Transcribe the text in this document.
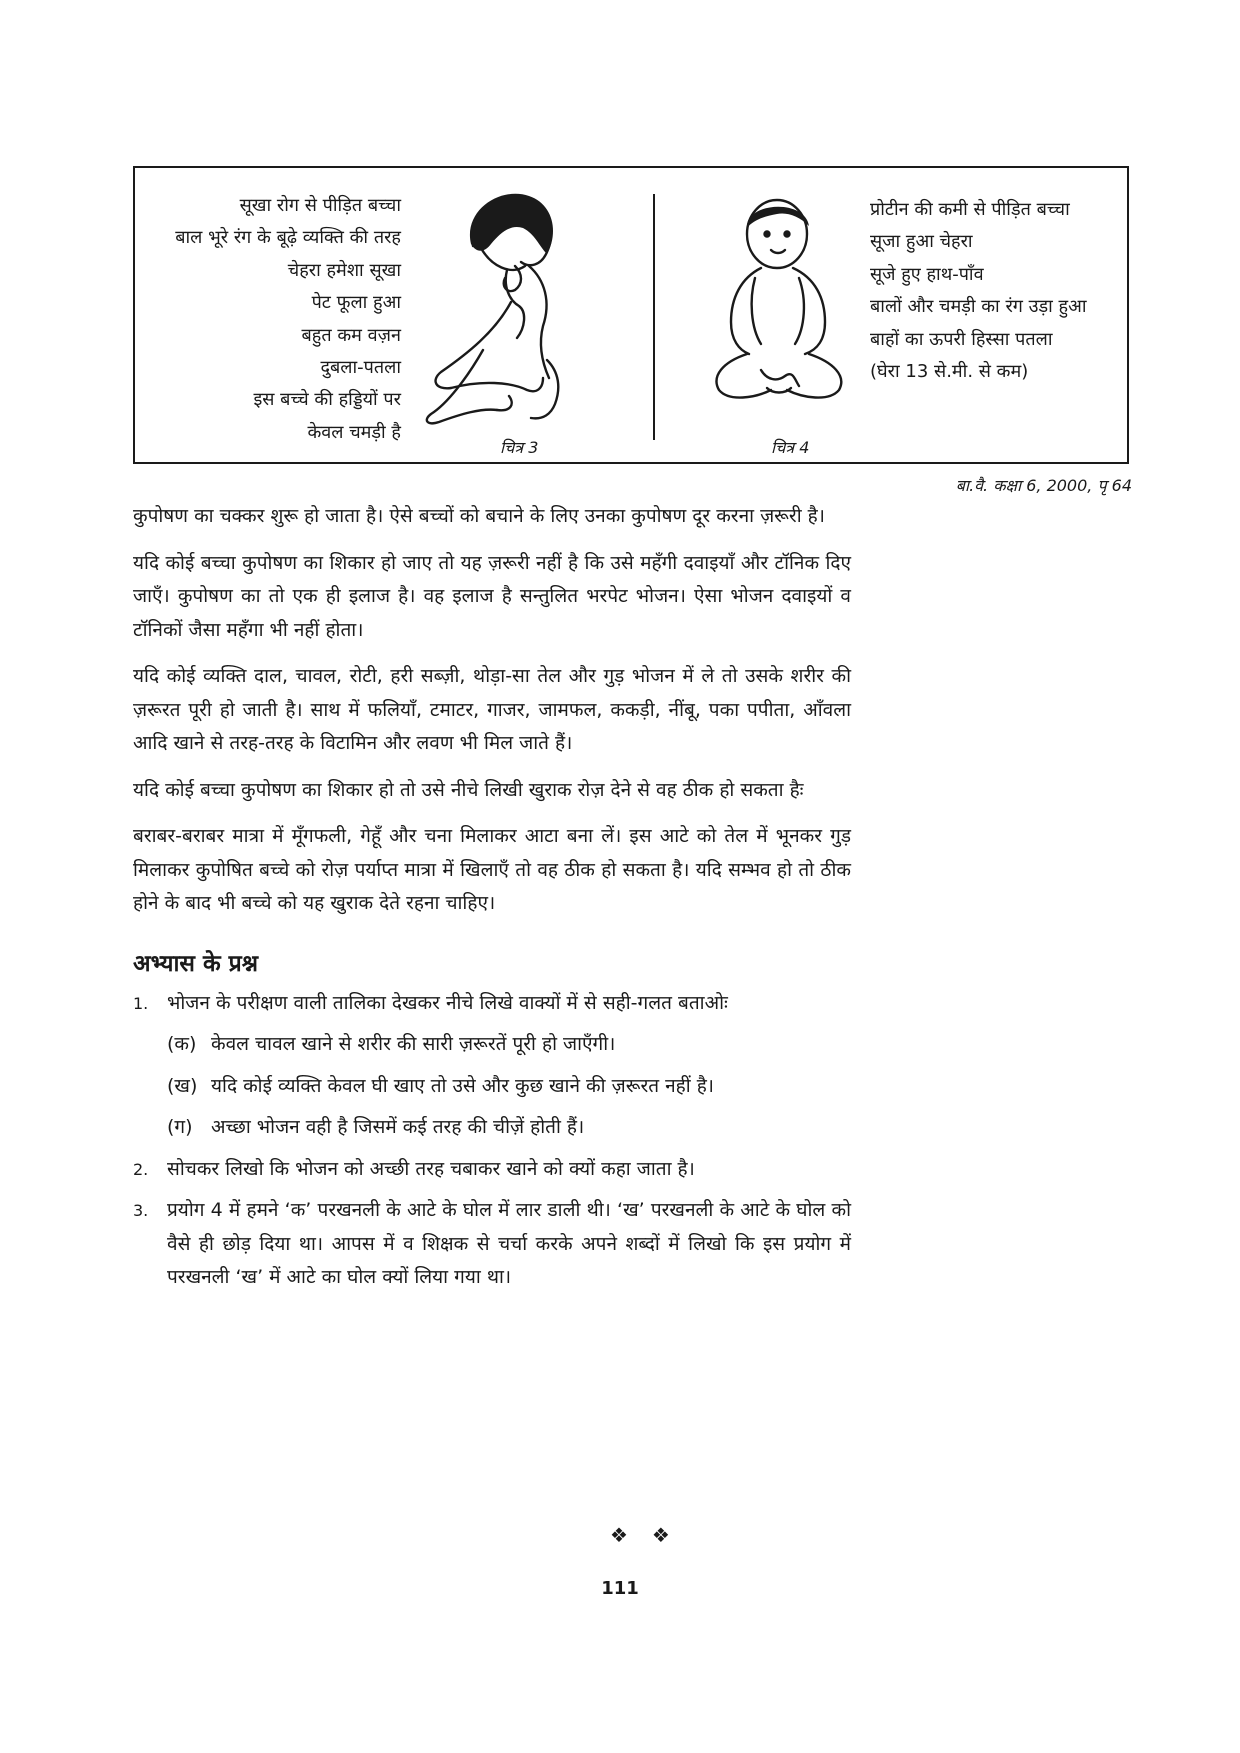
सूखा रोग से पीड़ित बच्चा
बाल भूरे रंग के बूढ़े व्यक्ति की तरह
चेहरा हमेशा सूखा
पेट फूला हुआ
बहुत कम वज़न
दुबला-पतला
इस बच्चे की हड्डियों पर
केवल चमड़ी है
चित्र 3	चित्र 4
प्रोटीन की कमी से पीड़ित बच्चा
सूजा हुआ चेहरा
सूजे हुए हाथ-पाँव
बालों और चमड़ी का रंग उड़ा हुआ
बाहों का ऊपरी हिस्सा पतला
(घेरा 13 से.मी. से कम)
बा.वै. कक्षा 6, 2000, पृ 64

कुपोषण का चक्कर शुरू हो जाता है। ऐसे बच्चों को बचाने के लिए उनका कुपोषण दूर करना ज़रूरी है।

यदि कोई बच्चा कुपोषण का शिकार हो जाए तो यह ज़रूरी नहीं है कि उसे महँगी दवाइयाँ और टॉनिक दिए जाएँ। कुपोषण का तो एक ही इलाज है। वह इलाज है सन्तुलित भरपेट भोजन। ऐसा भोजन दवाइयों व टॉनिकों जैसा महँगा भी नहीं होता।

यदि कोई व्यक्ति दाल, चावल, रोटी, हरी सब्ज़ी, थोड़ा-सा तेल और गुड़ भोजन में ले तो उसके शरीर की ज़रूरत पूरी हो जाती है। साथ में फलियाँ, टमाटर, गाजर, जामफल, ककड़ी, नींबू, पका पपीता, आँवला आदि खाने से तरह-तरह के विटामिन और लवण भी मिल जाते हैं।

यदि कोई बच्चा कुपोषण का शिकार हो तो उसे नीचे लिखी खुराक रोज़ देने से वह ठीक हो सकता हैः

बराबर-बराबर मात्रा में मूँगफली, गेहूँ और चना मिलाकर आटा बना लें। इस आटे को तेल में भूनकर गुड़ मिलाकर कुपोषित बच्चे को रोज़ पर्याप्त मात्रा में खिलाएँ तो वह ठीक हो सकता है। यदि सम्भव हो तो ठीक होने के बाद भी बच्चे को यह खुराक देते रहना चाहिए।

अभ्यास के प्रश्न
1. भोजन के परीक्षण वाली तालिका देखकर नीचे लिखे वाक्यों में से सही-गलत बताओः
(क) केवल चावल खाने से शरीर की सारी ज़रूरतें पूरी हो जाएँगी।
(ख) यदि कोई व्यक्ति केवल घी खाए तो उसे और कुछ खाने की ज़रूरत नहीं है।
(ग) अच्छा भोजन वही है जिसमें कई तरह की चीज़ें होती हैं।
2. सोचकर लिखो कि भोजन को अच्छी तरह चबाकर खाने को क्यों कहा जाता है।
3. प्रयोग 4 में हमने ‘क’ परखनली के आटे के घोल में लार डाली थी। ‘ख’ परखनली के आटे के घोल को वैसे ही छोड़ दिया था। आपस में व शिक्षक से चर्चा करके अपने शब्दों में लिखो कि इस प्रयोग में परखनली ‘ख’ में आटे का घोल क्यों लिया गया था।
❖❖
111
